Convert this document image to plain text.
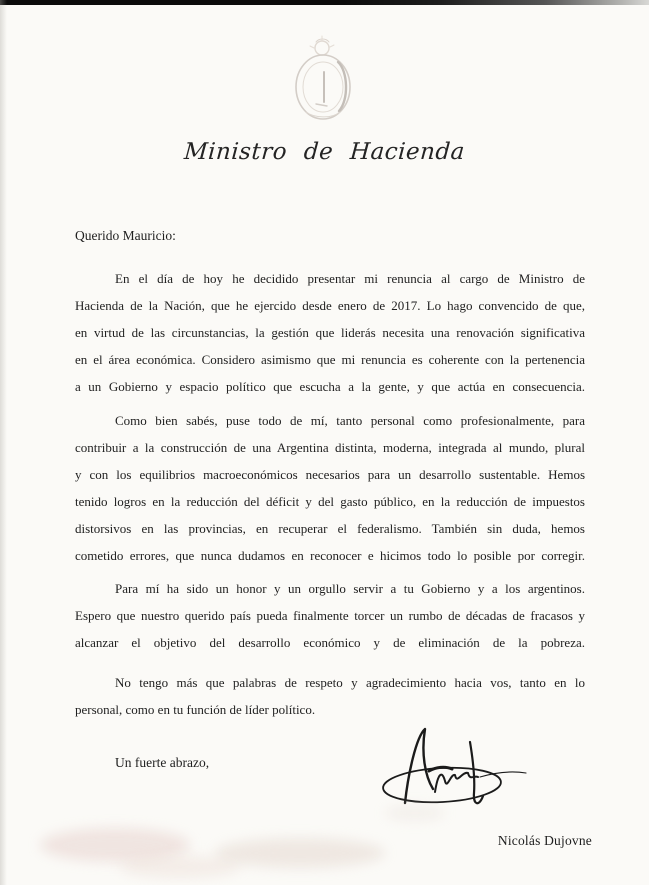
Ministro de Hacienda
Querido Mauricio:
En el día de hoy he decidido presentar mi renuncia al cargo de Ministro de
Hacienda de la Nación, que he ejercido desde enero de 2017. Lo hago convencido de que,
en virtud de las circunstancias, la gestión que liderás necesita una renovación significativa
en el área económica. Considero asimismo que mi renuncia es coherente con la pertenencia
a un Gobierno y espacio político que escucha a la gente, y que actúa en consecuencia.
Como bien sabés, puse todo de mí, tanto personal como profesionalmente, para
contribuir a la construcción de una Argentina distinta, moderna, integrada al mundo, plural
y con los equilibrios macroeconómicos necesarios para un desarrollo sustentable. Hemos
tenido logros en la reducción del déficit y del gasto público, en la reducción de impuestos
distorsivos en las provincias, en recuperar el federalismo. También sin duda, hemos
cometido errores, que nunca dudamos en reconocer e hicimos todo lo posible por corregir.
Para mí ha sido un honor y un orgullo servir a tu Gobierno y a los argentinos.
Espero que nuestro querido país pueda finalmente torcer un rumbo de décadas de fracasos y
alcanzar el objetivo del desarrollo económico y de eliminación de la pobreza.
No tengo más que palabras de respeto y agradecimiento hacia vos, tanto en lo
personal, como en tu función de líder político.
Un fuerte abrazo,
Nicolás Dujovne
